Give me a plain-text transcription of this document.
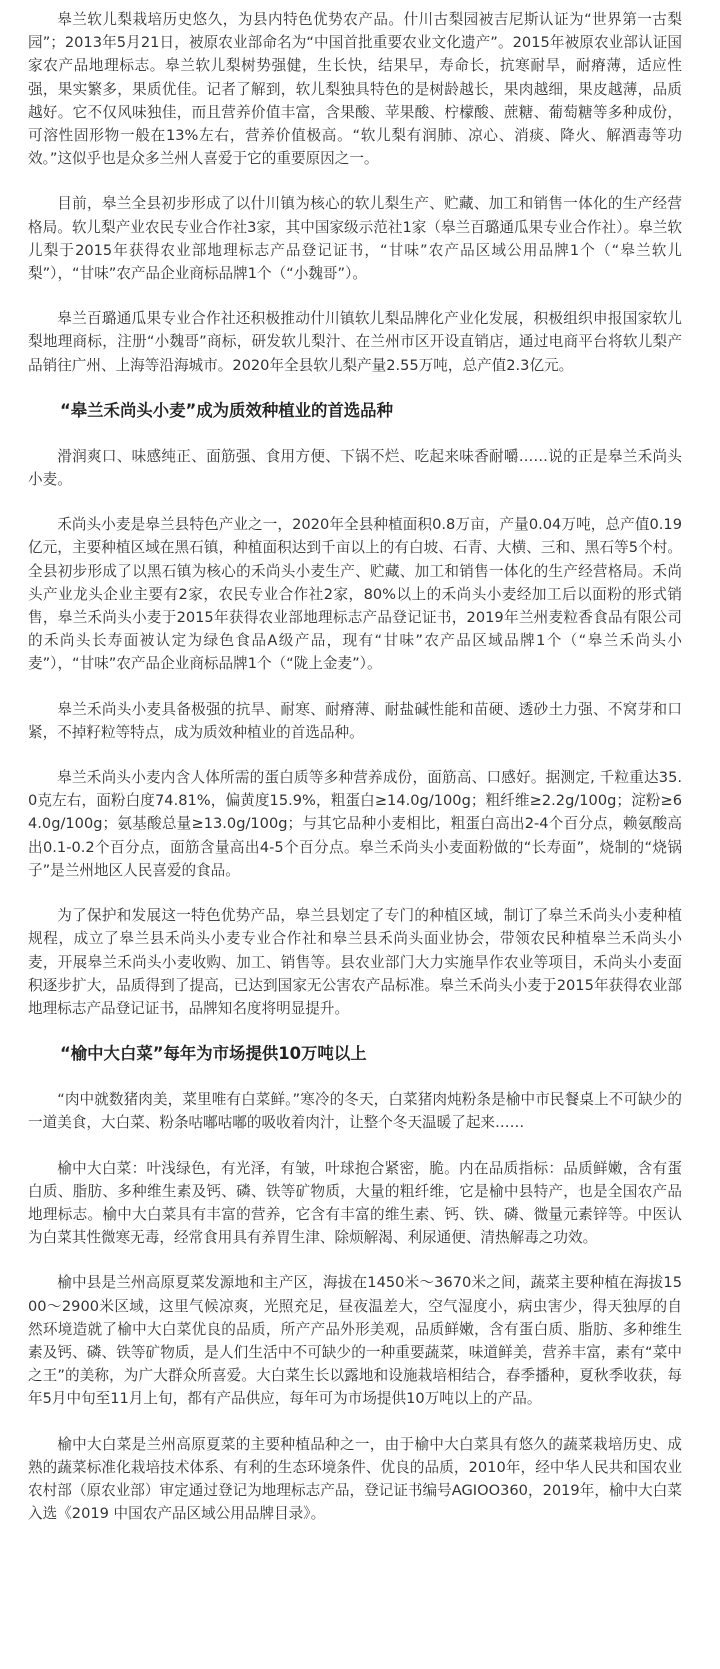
皋兰软儿梨栽培历史悠久，为县内特色优势农产品。什川古梨园被吉尼斯认证为“世界第一古梨园”；2013年5月21日，被原农业部命名为“中国首批重要农业文化遗产”。2015年被原农业部认证国家农产品地理标志。皋兰软儿梨树势强健，生长快，结果早，寿命长，抗寒耐旱，耐瘠薄，适应性强，果实繁多，果质优佳。记者了解到，软儿梨独具特色的是树龄越长，果肉越细，果皮越薄，品质越好。它不仅风味独佳，而且营养价值丰富，含果酸、苹果酸、柠檬酸、蔗糖、葡萄糖等多种成份，可溶性固形物一般在13%左右，营养价值极高。“软儿梨有润肺、凉心、消痰、降火、解酒毒等功效。”这似乎也是众多兰州人喜爱于它的重要原因之一。

目前，皋兰全县初步形成了以什川镇为核心的软儿梨生产、贮藏、加工和销售一体化的生产经营格局。软儿梨产业农民专业合作社3家，其中国家级示范社1家（皋兰百璐通瓜果专业合作社）。皋兰软儿梨于2015年获得农业部地理标志产品登记证书，“甘味”农产品区域公用品牌1个（“皋兰软儿梨”），“甘味”农产品企业商标品牌1个（“小魏哥”）。

皋兰百璐通瓜果专业合作社还积极推动什川镇软儿梨品牌化产业化发展，积极组织申报国家软儿梨地理商标，注册“小魏哥”商标，研发软儿梨汁、在兰州市区开设直销店，通过电商平台将软儿梨产品销往广州、上海等沿海城市。2020年全县软儿梨产量2.55万吨，总产值2.3亿元。

“皋兰禾尚头小麦”成为质效种植业的首选品种

滑润爽口、味感纯正、面筋强、食用方便、下锅不烂、吃起来味香耐嚼……说的正是皋兰禾尚头小麦。

禾尚头小麦是皋兰县特色产业之一，2020年全县种植面积0.8万亩，产量0.04万吨，总产值0.19亿元，主要种植区域在黑石镇，种植面积达到千亩以上的有白坡、石青、大横、三和、黑石等5个村。全县初步形成了以黑石镇为核心的禾尚头小麦生产、贮藏、加工和销售一体化的生产经营格局。禾尚头产业龙头企业主要有2家，农民专业合作社2家，80%以上的禾尚头小麦经加工后以面粉的形式销售，皋兰禾尚头小麦于2015年获得农业部地理标志产品登记证书，2019年兰州麦粒香食品有限公司的禾尚头长寿面被认定为绿色食品A级产品，现有“甘味”农产品区域品牌1个（“皋兰禾尚头小麦”），“甘味”农产品企业商标品牌1个（“陇上金麦”）。

皋兰禾尚头小麦具备极强的抗旱、耐寒、耐瘠薄、耐盐碱性能和苗硬、透砂土力强、不窝芽和口紧，不掉籽粒等特点，成为质效种植业的首选品种。

皋兰禾尚头小麦内含人体所需的蛋白质等多种营养成份，面筋高、口感好。据测定, 千粒重达35.0克左右，面粉白度74.81%，偏黄度15.9%，粗蛋白≥14.0g/100g；粗纤维≥2.2g/100g；淀粉≥64.0g/100g；氨基酸总量≥13.0g/100g；与其它品种小麦相比，粗蛋白高出2-4个百分点，赖氨酸高出0.1-0.2个百分点，面筋含量高出4-5个百分点。皋兰禾尚头小麦面粉做的“长寿面”，烧制的“烧锅子”是兰州地区人民喜爱的食品。

为了保护和发展这一特色优势产品，皋兰县划定了专门的种植区域，制订了皋兰禾尚头小麦种植规程，成立了皋兰县禾尚头小麦专业合作社和皋兰县禾尚头面业协会，带领农民种植皋兰禾尚头小麦，开展皋兰禾尚头小麦收购、加工、销售等。县农业部门大力实施旱作农业等项目，禾尚头小麦面积逐步扩大，品质得到了提高，已达到国家无公害农产品标准。皋兰禾尚头小麦于2015年获得农业部地理标志产品登记证书，品牌知名度将明显提升。

“榆中大白菜”每年为市场提供10万吨以上

“肉中就数猪肉美，菜里唯有白菜鲜。”寒冷的冬天，白菜猪肉炖粉条是榆中市民餐桌上不可缺少的一道美食，大白菜、粉条咕嘟咕嘟的吸收着肉汁，让整个冬天温暖了起来……

榆中大白菜：叶浅绿色，有光泽，有皱，叶球抱合紧密，脆。内在品质指标：品质鲜嫩，含有蛋白质、脂肪、多种维生素及钙、磷、铁等矿物质，大量的粗纤维，它是榆中县特产，也是全国农产品地理标志。榆中大白菜具有丰富的营养，它含有丰富的维生素、钙、铁、磷、微量元素锌等。中医认为白菜其性微寒无毒，经常食用具有养胃生津、除烦解渴、利尿通便、清热解毒之功效。

榆中县是兰州高原夏菜发源地和主产区，海拔在1450米～3670米之间，蔬菜主要种植在海拔1500～2900米区域，这里气候凉爽，光照充足，昼夜温差大，空气湿度小，病虫害少，得天独厚的自然环境造就了榆中大白菜优良的品质，所产产品外形美观，品质鲜嫩，含有蛋白质、脂肪、多种维生素及钙、磷、铁等矿物质，是人们生活中不可缺少的一种重要蔬菜，味道鲜美，营养丰富，素有“菜中之王”的美称，为广大群众所喜爱。大白菜生长以露地和设施栽培相结合，春季播种，夏秋季收获，每年5月中旬至11月上旬，都有产品供应，每年可为市场提供10万吨以上的产品。

榆中大白菜是兰州高原夏菜的主要种植品种之一，由于榆中大白菜具有悠久的蔬菜栽培历史、成熟的蔬菜标准化栽培技术体系、有利的生态环境条件、优良的品质，2010年，经中华人民共和国农业农村部（原农业部）审定通过登记为地理标志产品，登记证书编号AGIOO360，2019年，榆中大白菜入选《2019 中国农产品区域公用品牌目录》。
